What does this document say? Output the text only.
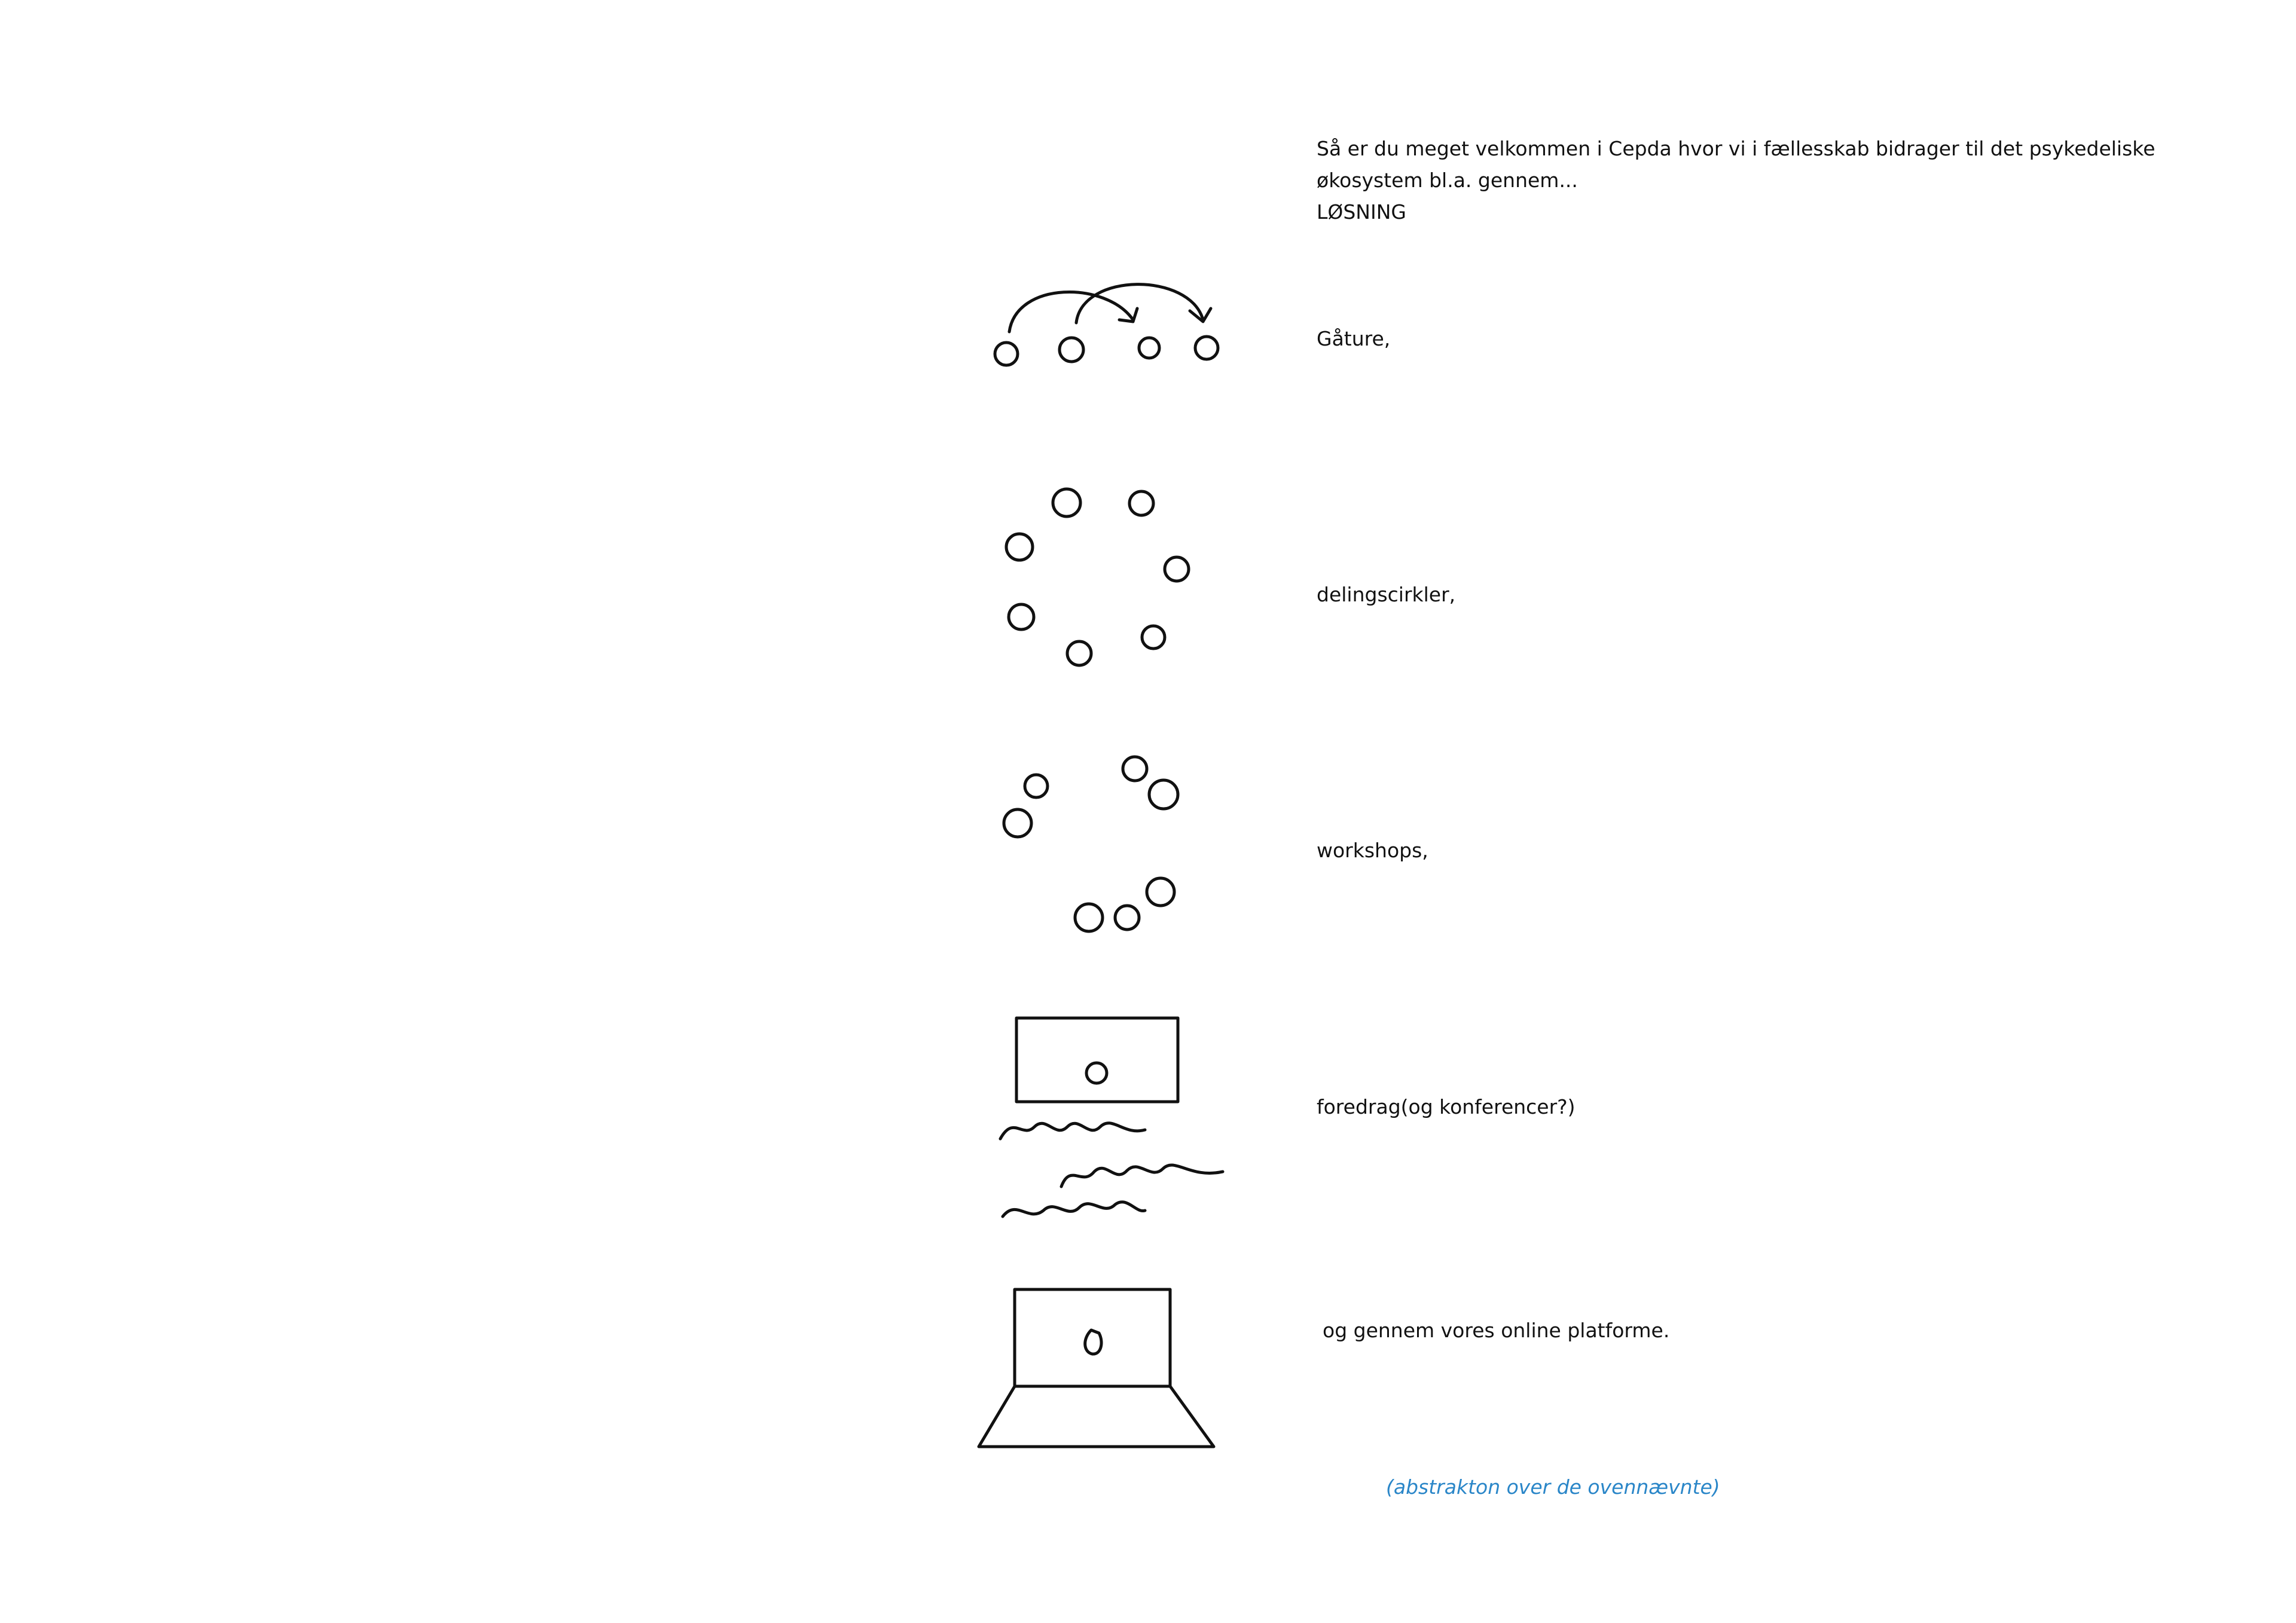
Så er du meget velkommen i Cepda hvor vi i fællesskab bidrager til det psykedeliske
økosystem bl.a. gennem...
LØSNING
Gåture,
delingscirkler,
workshops,
foredrag(og konferencer?)
og gennem vores online platforme.
(abstrakton over de ovennævnte)
